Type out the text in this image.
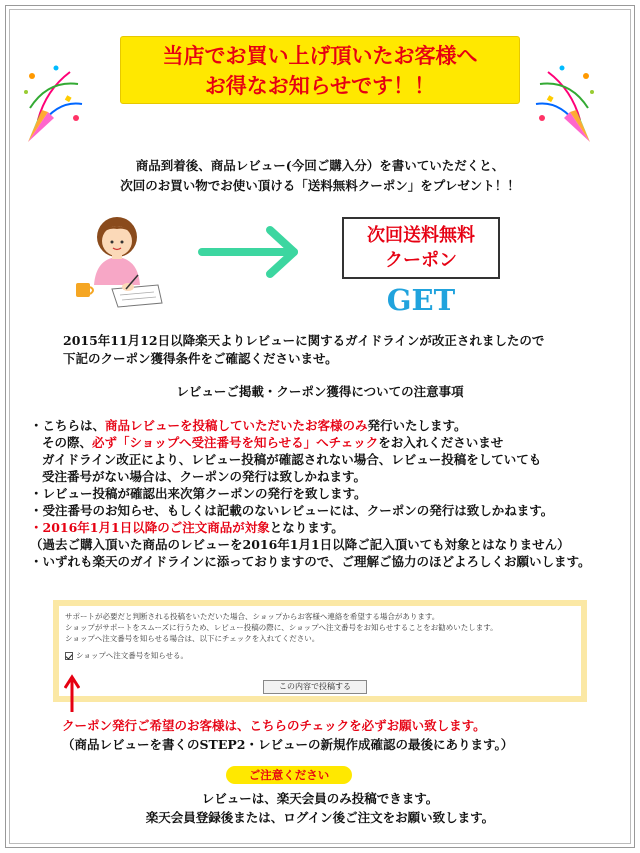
当店でお買い上げ頂いたお客様へ
お得なお知らせです！！
商品到着後、商品レビュー(今回ご購入分）を書いていただくと、
次回のお買い物でお使い頂ける「送料無料クーポン」をプレゼント！！
次回送料無料
クーポン
GET
2015年11月12日以降楽天よりレビューに関するガイドラインが改正されましたので
下記のクーポン獲得条件をご確認くださいませ。
レビューご掲載・クーポン獲得についての注意事項
・こちらは、商品レビューを投稿していただいたお客様のみ発行いたします。
その際、必ず「ショップへ受注番号を知らせる」へチェックをお入れくださいませ
ガイドライン改正により、レビュー投稿が確認されない場合、レビュー投稿をしていても
受注番号がない場合は、クーポンの発行は致しかねます。
・レビュー投稿が確認出来次第クーポンの発行を致します。
・受注番号のお知らせ、もしくは記載のないレビューには、クーポンの発行は致しかねます。
・2016年1月1日以降のご注文商品が対象となります。
（過去ご購入頂いた商品のレビューを2016年1月1日以降ご記入頂いても対象とはなりません）
・いずれも楽天のガイドラインに添っておりますので、ご理解ご協力のほどよろしくお願いします。
サポートが必要だと判断される投稿をいただいた場合、ショップからお客様へ連絡を希望する場合があります。
ショップがサポートをスムーズに行うため、レビュー投稿の際に、ショップへ注文番号をお知らせすることをお勧めいたします。
ショップへ注文番号を知らせる場合は、以下にチェックを入れてください。
ショップへ注文番号を知らせる。
この内容で投稿する
クーポン発行ご希望のお客様は、こちらのチェックを必ずお願い致します。
（商品レビューを書くのSTEP2・レビューの新規作成確認の最後にあります。）
ご注意ください
レビューは、楽天会員のみ投稿できます。
楽天会員登録後または、ログイン後ご注文をお願い致します。
